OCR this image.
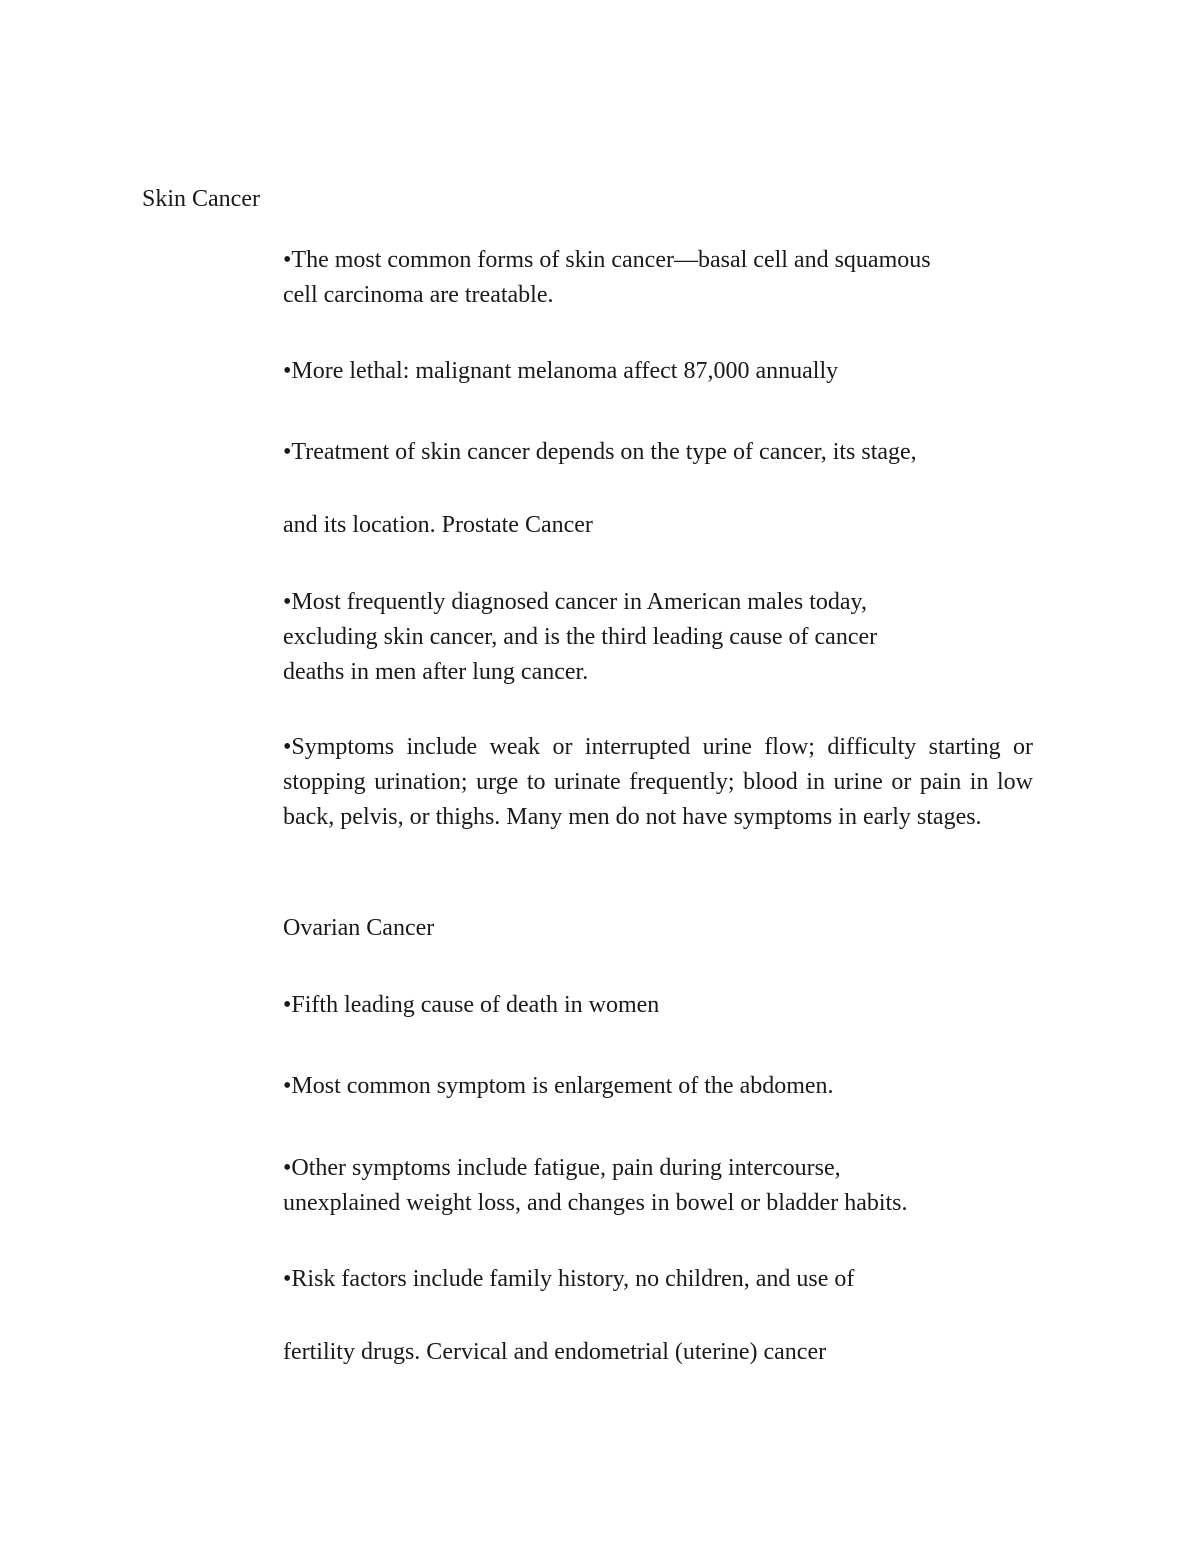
Skin Cancer
•The most common forms of skin cancer—basal cell and squamous
cell carcinoma are treatable.
•More lethal: malignant melanoma affect 87,000 annually
•Treatment of skin cancer depends on the type of cancer, its stage,
and its location. Prostate Cancer
•Most frequently diagnosed cancer in American males today,
excluding skin cancer, and is the third leading cause of cancer
deaths in men after lung cancer.
•Symptoms include weak or interrupted urine flow; difficulty starting or stopping urination; urge to urinate frequently; blood in urine or pain in low back, pelvis, or thighs. Many men do not have symptoms in early stages.
Ovarian Cancer
•Fifth leading cause of death in women
•Most common symptom is enlargement of the abdomen.
•Other symptoms include fatigue, pain during intercourse,
unexplained weight loss, and changes in bowel or bladder habits.
•Risk factors include family history, no children, and use of
fertility drugs. Cervical and endometrial (uterine) cancer
